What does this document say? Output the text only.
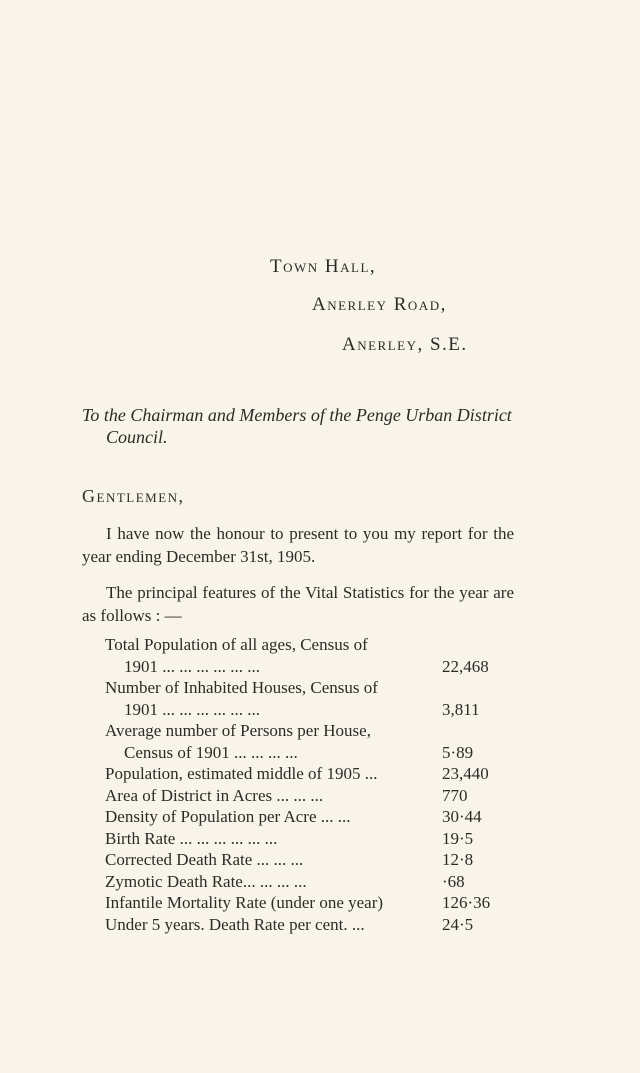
Town Hall,
Anerley Road,
Anerley, S.E.
To the Chairman and Members of the Penge Urban District
Council.
Gentlemen,
I have now the honour to present to you my report for the year ending December 31st, 1905.
The principal features of the Vital Statistics for the year are as follows : —
Total Population of all ages, Census of
1901 ... ... ... ... ... ...	22,468
Number of Inhabited Houses, Census of
1901 ... ... ... ... ... ...	3,811
Average number of Persons per House,
Census of 1901 ... ... ... ...	5·89
Population, estimated middle of 1905 ...	23,440
Area of District in Acres ... ... ...	770
Density of Population per Acre ... ...	30·44
Birth Rate ... ... ... ... ... ...	19·5
Corrected Death Rate ... ... ...	12·8
Zymotic Death Rate... ... ... ...	·68
Infantile Mortality Rate (under one year)	126·36
Under 5 years. Death Rate per cent. ...	24·5
